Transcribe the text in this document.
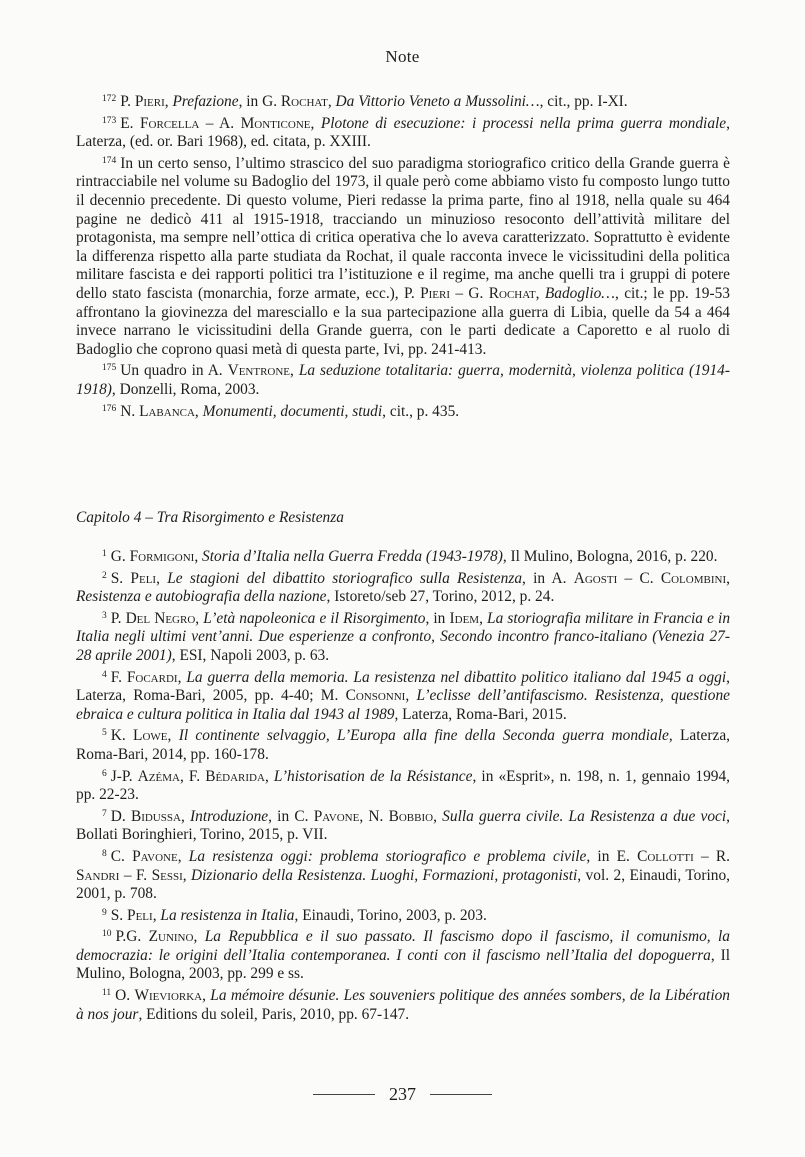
Note

$^{172}$ P. Pieri, Prefazione, in G. Rochat, Da Vittorio Veneto a Mussolini…, cit., pp. I-XI.

$^{173}$ E. Forcella – A. Monticone, Plotone di esecuzione: i processi nella prima guerra mondiale, Laterza, (ed. or. Bari 1968), ed. citata, p. XXIII.

$^{174}$ In un certo senso, l’ultimo strascico del suo paradigma storiografico critico della Grande guerra è rintracciabile nel volume su Badoglio del 1973, il quale però come abbiamo visto fu composto lungo tutto il decennio precedente. Di questo volume, Pieri redasse la prima parte, fino al 1918, nella quale su 464 pagine ne dedicò 411 al 1915-1918, tracciando un minuzioso resoconto dell’attività militare del protagonista, ma sempre nell’ottica di critica operativa che lo aveva caratterizzato. Soprattutto è evidente la differenza rispetto alla parte studiata da Rochat, il quale racconta invece le vicissitudini della politica militare fascista e dei rapporti politici tra l’istituzione e il regime, ma anche quelli tra i gruppi di potere dello stato fascista (monarchia, forze armate, ecc.), P. Pieri – G. Rochat, Badoglio…, cit.; le pp. 19-53 affrontano la giovinezza del maresciallo e la sua partecipazione alla guerra di Libia, quelle da 54 a 464 invece narrano le vicissitudini della Grande guerra, con le parti dedicate a Caporetto e al ruolo di Badoglio che coprono quasi metà di questa parte, Ivi, pp. 241-413.

$^{175}$ Un quadro in A. Ventrone, La seduzione totalitaria: guerra, modernità, violenza politica (1914-1918), Donzelli, Roma, 2003.

$^{176}$ N. Labanca, Monumenti, documenti, studi, cit., p. 435.

Capitolo 4 – Tra Risorgimento e Resistenza

$^1$ G. Formigoni, Storia d’Italia nella Guerra Fredda (1943-1978), Il Mulino, Bologna, 2016, p. 220.

$^2$ S. Peli, Le stagioni del dibattito storiografico sulla Resistenza, in A. Agosti – C. Colombini, Resistenza e autobiografia della nazione, Istoreto/seb 27, Torino, 2012, p. 24.

$^3$ P. Del Negro, L’età napoleonica e il Risorgimento, in Idem, La storiografia militare in Francia e in Italia negli ultimi vent’anni. Due esperienze a confronto, Secondo incontro franco-italiano (Venezia 27-28 aprile 2001), ESI, Napoli 2003, p. 63.

$^4$ F. Focardi, La guerra della memoria. La resistenza nel dibattito politico italiano dal 1945 a oggi, Laterza, Roma-Bari, 2005, pp. 4-40; M. Consonni, L’eclisse dell’antifascismo. Resistenza, questione ebraica e cultura politica in Italia dal 1943 al 1989, Laterza, Roma-Bari, 2015.

$^5$ K. Lowe, Il continente selvaggio, L’Europa alla fine della Seconda guerra mondiale, Laterza, Roma-Bari, 2014, pp. 160-178.

$^6$ J-P. Azéma, F. Bédarida, L’historisation de la Résistance, in «Esprit», n. 198, n. 1, gennaio 1994, pp. 22-23.

$^7$ D. Bidussa, Introduzione, in C. Pavone, N. Bobbio, Sulla guerra civile. La Resistenza a due voci, Bollati Boringhieri, Torino, 2015, p. VII.

$^8$ C. Pavone, La resistenza oggi: problema storiografico e problema civile, in E. Collotti – R. Sandri – F. Sessi, Dizionario della Resistenza. Luoghi, Formazioni, protagonisti, vol. 2, Einaudi, Torino, 2001, p. 708.

$^9$ S. Peli, La resistenza in Italia, Einaudi, Torino, 2003, p. 203.

$^{10}$ P.G. Zunino, La Repubblica e il suo passato. Il fascismo dopo il fascismo, il comunismo, la democrazia: le origini dell’Italia contemporanea. I conti con il fascismo nell’Italia del dopoguerra, Il Mulino, Bologna, 2003, pp. 299 e ss.

$^{11}$ O. Wieviorka, La mémoire désunie. Les souveniers politique des années sombers, de la Libération à nos jour, Editions du soleil, Paris, 2010, pp. 67-147.

237
